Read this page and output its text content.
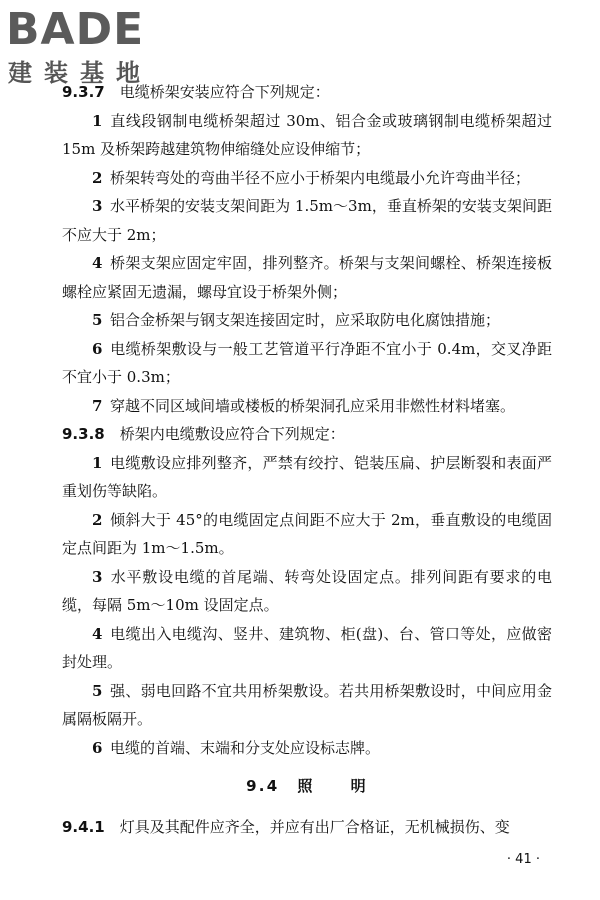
BADE
建装基地

9.3.7 电缆桥架安装应符合下列规定：

1 直线段钢制电缆桥架超过 30m、铝合金或玻璃钢制电缆桥架超过 15m 及桥架跨越建筑物伸缩缝处应设伸缩节；

2 桥架转弯处的弯曲半径不应小于桥架内电缆最小允许弯曲半径；

3 水平桥架的安装支架间距为 1.5m～3m，垂直桥架的安装支架间距不应大于 2m；

4 桥架支架应固定牢固，排列整齐。桥架与支架间螺栓、桥架连接板螺栓应紧固无遗漏，螺母宜设于桥架外侧；

5 铝合金桥架与钢支架连接固定时，应采取防电化腐蚀措施；

6 电缆桥架敷设与一般工艺管道平行净距不宜小于 0.4m，交叉净距不宜小于 0.3m；

7 穿越不同区域间墙或楼板的桥架洞孔应采用非燃性材料堵塞。

9.3.8 桥架内电缆敷设应符合下列规定：

1 电缆敷设应排列整齐，严禁有绞拧、铠装压扁、护层断裂和表面严重划伤等缺陷。

2 倾斜大于 45°的电缆固定点间距不应大于 2m，垂直敷设的电缆固定点间距为 1m～1.5m。

3 水平敷设电缆的首尾端、转弯处设固定点。排列间距有要求的电缆，每隔 5m～10m 设固定点。

4 电缆出入电缆沟、竖井、建筑物、柜(盘)、台、管口等处，应做密封处理。

5 强、弱电回路不宜共用桥架敷设。若共用桥架敷设时，中间应用金属隔板隔开。

6 电缆的首端、末端和分支处应设标志牌。

9.4 照 明

9.4.1 灯具及其配件应齐全，并应有出厂合格证，无机械损伤、变

· 41 ·
